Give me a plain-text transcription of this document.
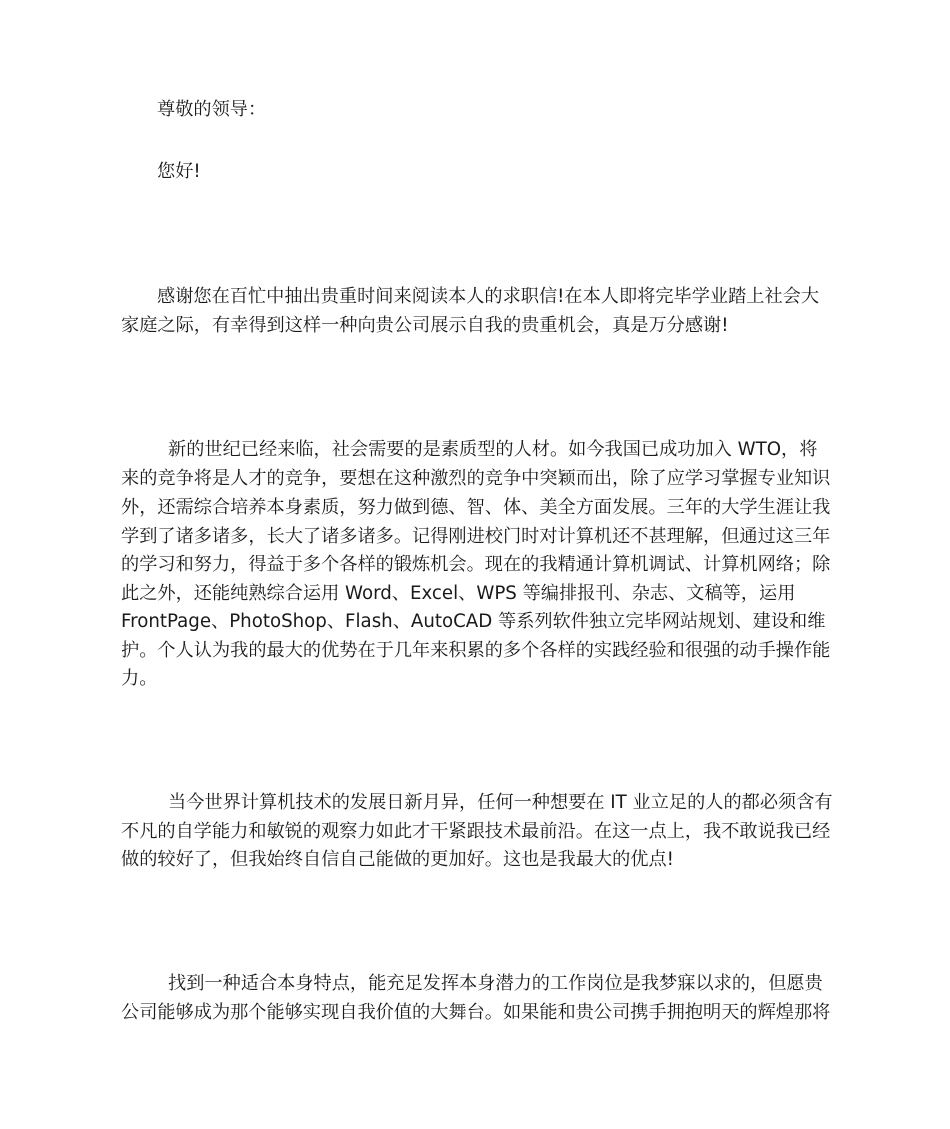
尊敬的领导：
您好!
感谢您在百忙中抽出贵重时间来阅读本人的求职信!在本人即将完毕学业踏上社会大
家庭之际，有幸得到这样一种向贵公司展示自我的贵重机会，真是万分感谢!
新的世纪已经来临，社会需要的是素质型的人材。如今我国已成功加入 WTO，将
来的竞争将是人才的竞争，要想在这种激烈的竞争中突颖而出，除了应学习掌握专业知识
外，还需综合培养本身素质，努力做到德、智、体、美全方面发展。三年的大学生涯让我
学到了诸多诸多，长大了诸多诸多。记得刚进校门时对计算机还不甚理解，但通过这三年
的学习和努力，得益于多个各样的锻炼机会。现在的我精通计算机调试、计算机网络；除
此之外，还能纯熟综合运用 Word、Excel、WPS 等编排报刊、杂志、文稿等，运用
FrontPage、PhotoShop、Flash、AutoCAD 等系列软件独立完毕网站规划、建设和维
护。个人认为我的最大的优势在于几年来积累的多个各样的实践经验和很强的动手操作能
力。
当今世界计算机技术的发展日新月异，任何一种想要在 IT 业立足的人的都必须含有
不凡的自学能力和敏锐的观察力如此才干紧跟技术最前沿。在这一点上，我不敢说我已经
做的较好了，但我始终自信自己能做的更加好。这也是我最大的优点!
找到一种适合本身特点，能充足发挥本身潜力的工作岗位是我梦寐以求的，但愿贵
公司能够成为那个能够实现自我价值的大舞台。如果能和贵公司携手拥抱明天的辉煌那将
